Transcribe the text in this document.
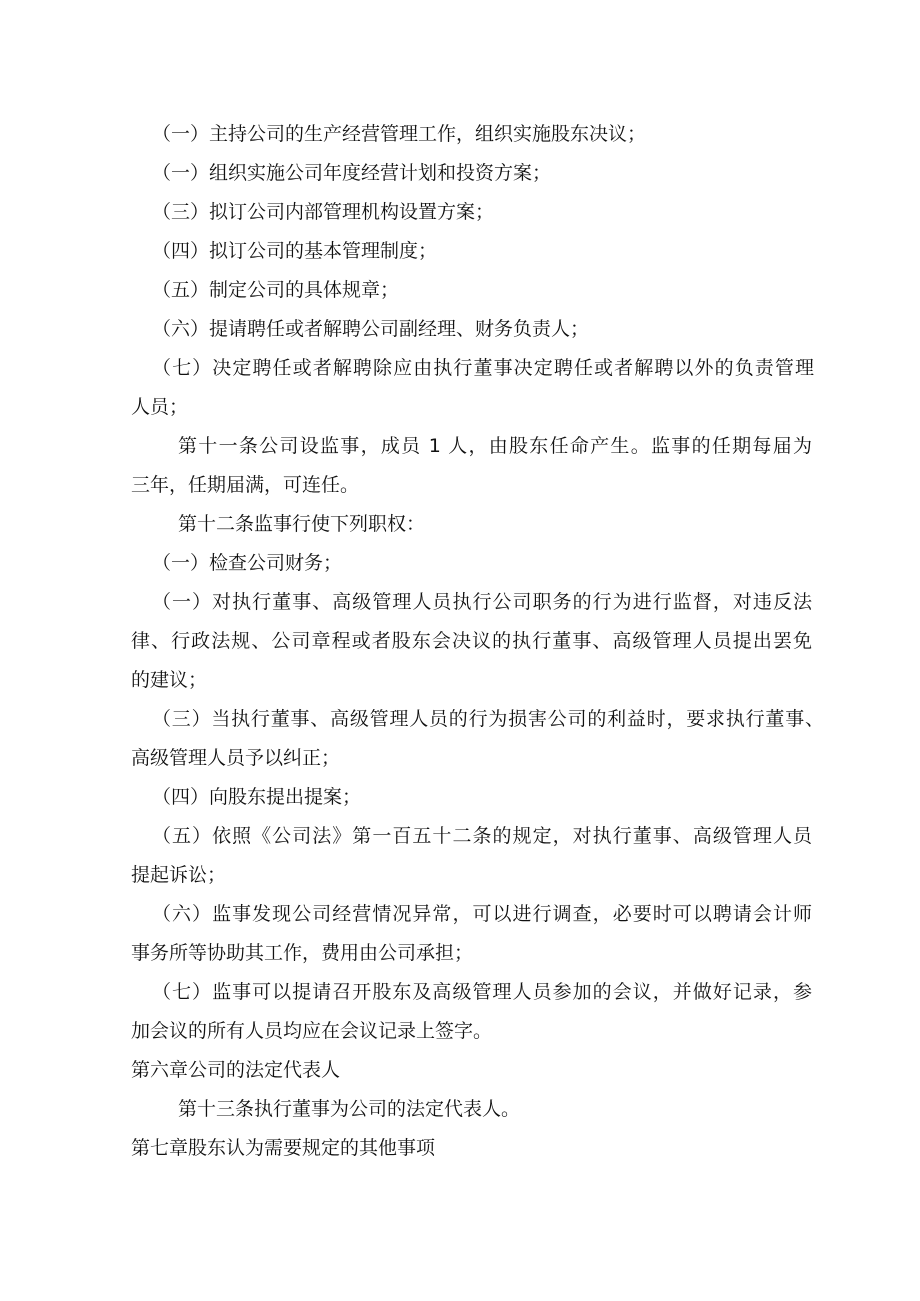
（一）主持公司的生产经营管理工作，组织实施股东决议；

（一）组织实施公司年度经营计划和投资方案；

（三）拟订公司内部管理机构设置方案；

（四）拟订公司的基本管理制度；

（五）制定公司的具体规章；

（六）提请聘任或者解聘公司副经理、财务负责人；

（七）决定聘任或者解聘除应由执行董事决定聘任或者解聘以外的负责管理

人员；

第十一条公司设监事，成员 1 人，由股东任命产生。监事的任期每届为

三年，任期届满，可连任。

第十二条监事行使下列职权：

（一）检查公司财务；

（一）对执行董事、高级管理人员执行公司职务的行为进行监督，对违反法

律、行政法规、公司章程或者股东会决议的执行董事、高级管理人员提出罢免

的建议；

（三）当执行董事、高级管理人员的行为损害公司的利益时，要求执行董事、

高级管理人员予以纠正；

（四）向股东提出提案；

（五）依照《公司法》第一百五十二条的规定，对执行董事、高级管理人员

提起诉讼；

（六）监事发现公司经营情况异常，可以进行调查，必要时可以聘请会计师

事务所等协助其工作，费用由公司承担；

（七）监事可以提请召开股东及高级管理人员参加的会议，并做好记录，参

加会议的所有人员均应在会议记录上签字。

第六章公司的法定代表人

第十三条执行董事为公司的法定代表人。

第七章股东认为需要规定的其他事项
